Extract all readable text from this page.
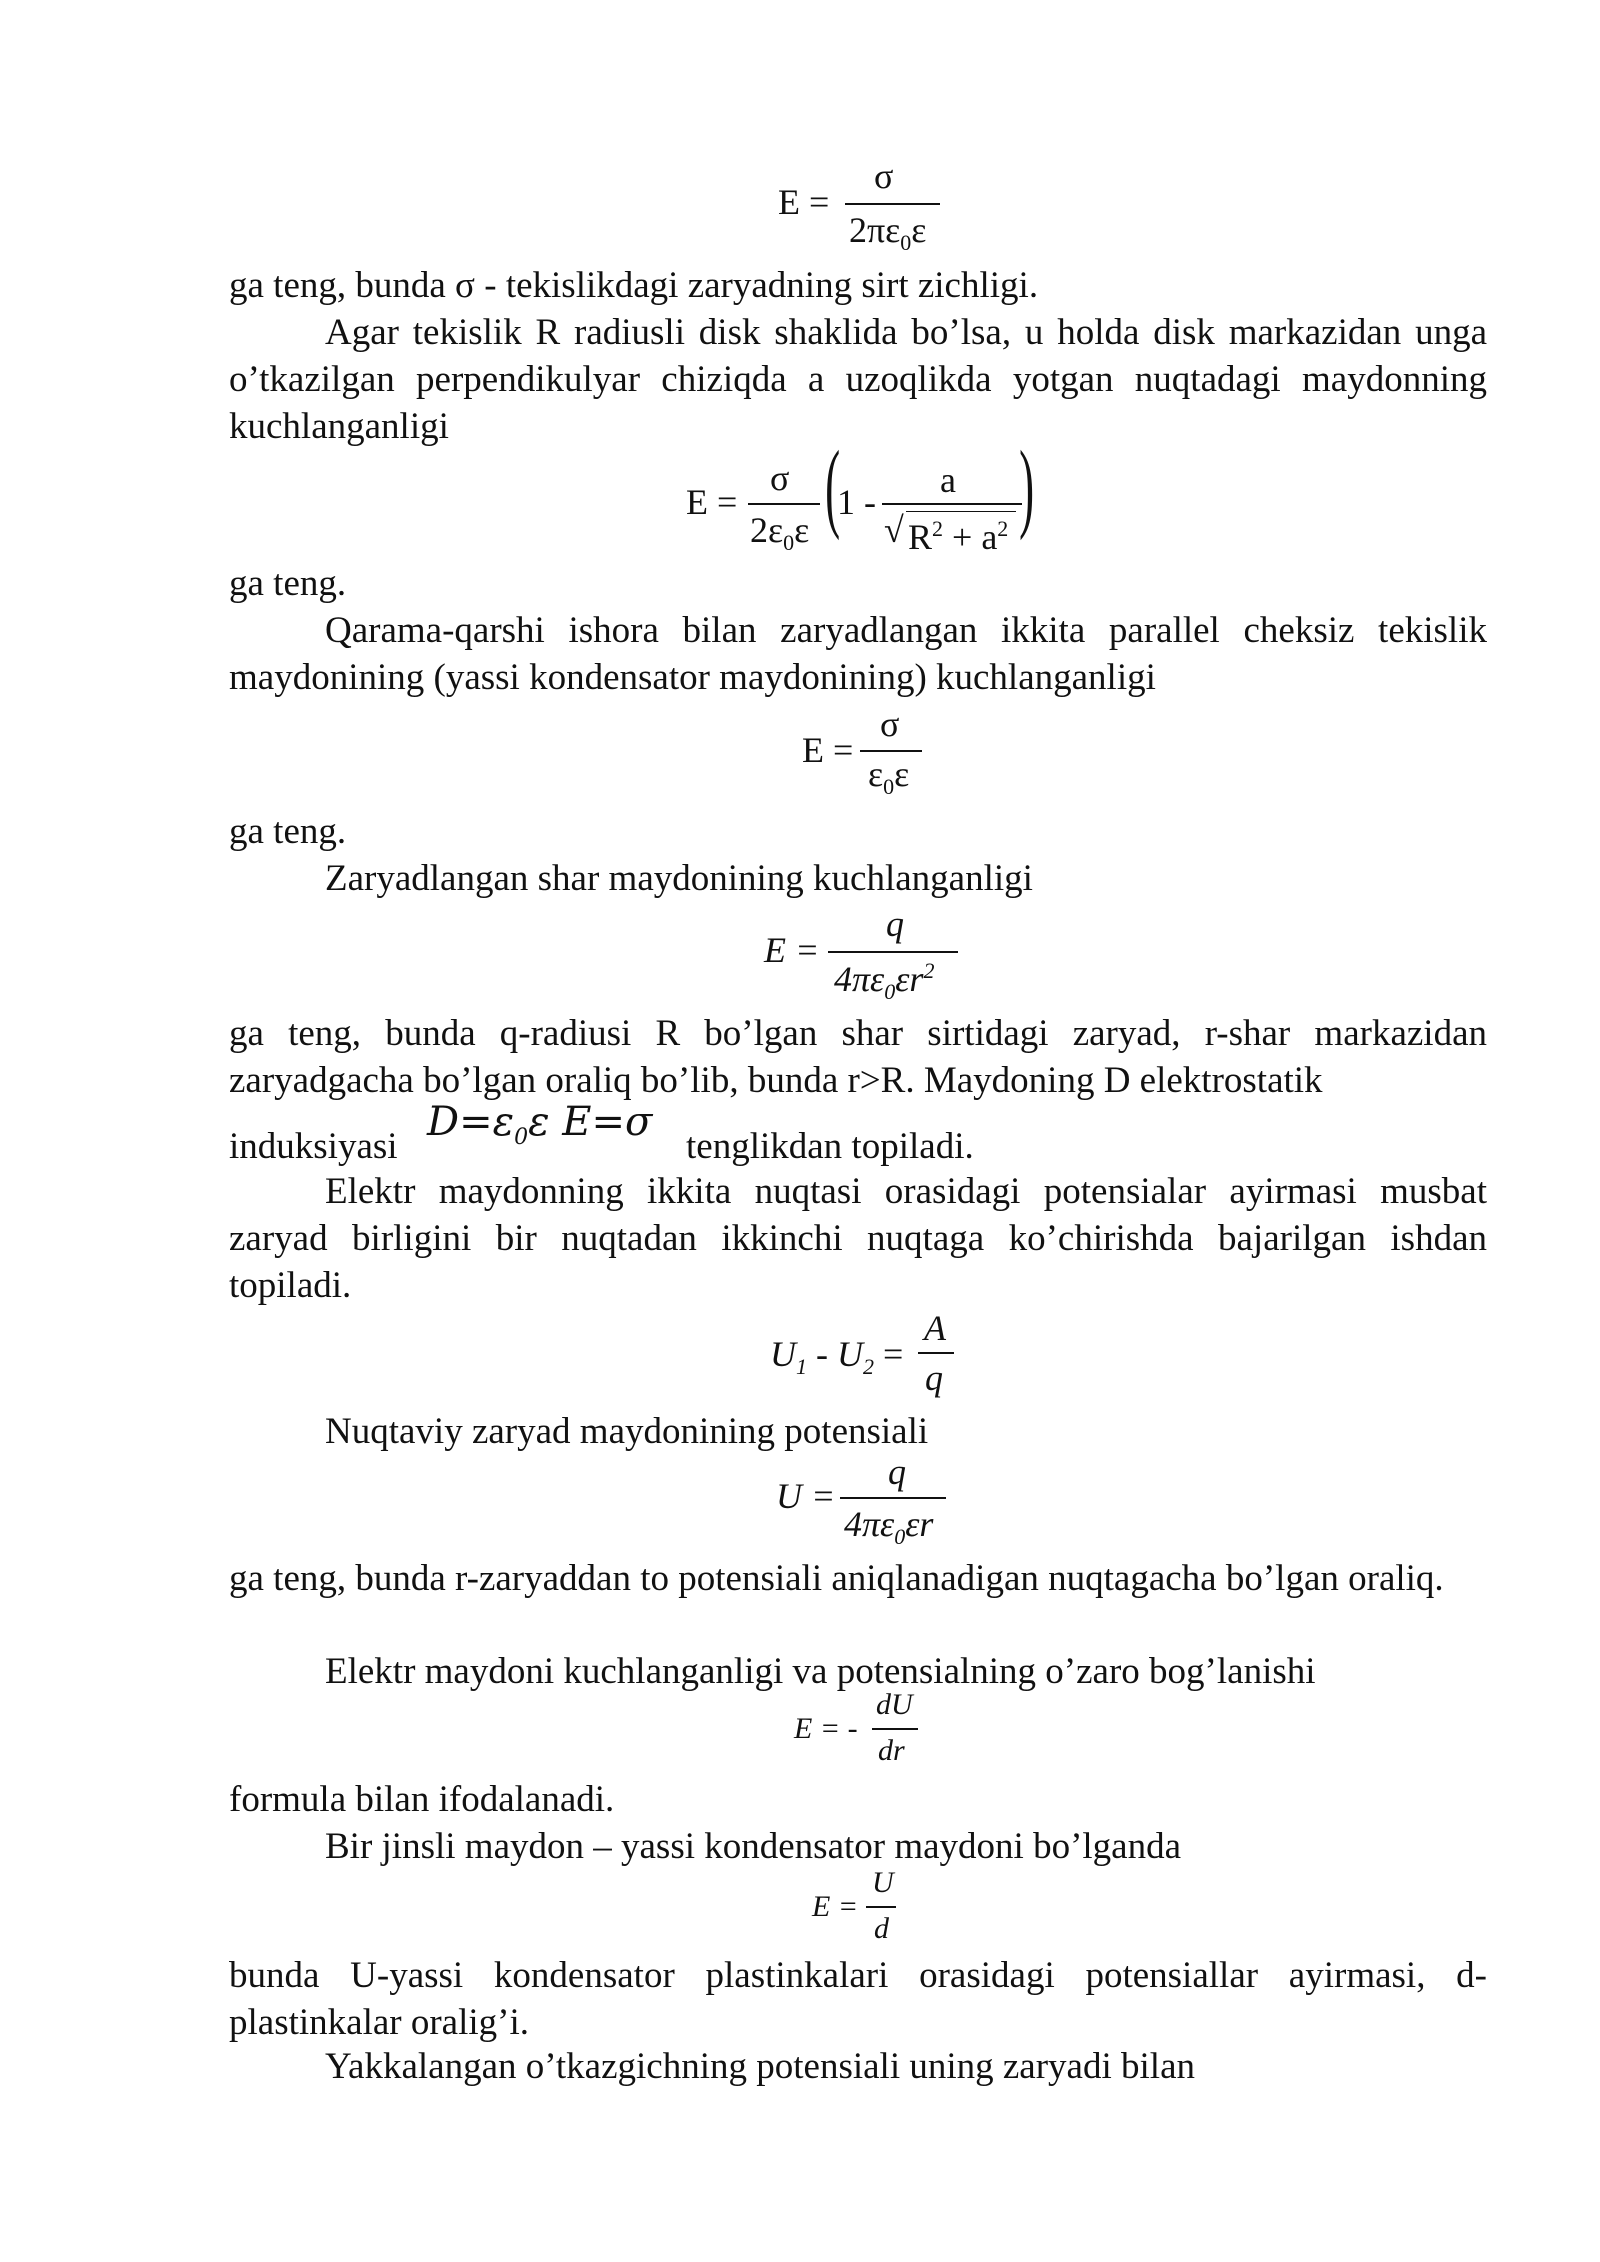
E =
σ
$2\pi\varepsilon_0\varepsilon$

ga teng, bunda σ - tekislikdagi zaryadning sirt zichligi.

Agar tekislik R radiusli disk shaklida bo’lsa, u holda disk markazidan unga o’tkazilgan perpendikulyar chiziqda a uzoqlikda yotgan nuqtadagi maydonning kuchlanganligi

E =
σ
$2\varepsilon_0\varepsilon$ (
1 -
a
√ $R^2 + a^2$ )

ga teng.

Qarama-qarshi ishora bilan zaryadlangan ikkita parallel cheksiz tekislik maydonining (yassi kondensator maydonining) kuchlanganligi

E =
σ
$\varepsilon_0\varepsilon$

ga teng.

Zaryadlangan shar maydonining kuchlanganligi

E =
q
$4\pi\varepsilon_0\varepsilon r^2$

ga teng, bunda q-radiusi R bo’lgan shar sirtidagi zaryad, r-shar markazidan zaryadgacha bo’lgan oraliq bo’lib, bunda r>R. Maydoning D elektrostatik

induksiyasi

$D=\varepsilon_0\varepsilon$ E=σ

tenglikdan topiladi.

Elektr maydonning ikkita nuqtasi orasidagi potensialar ayirmasi musbat zaryad birligini bir nuqtadan ikkinchi nuqtaga ko’chirishda bajarilgan ishdan topiladi.

$U_1 - U_2$ =
A
q

Nuqtaviy zaryad maydonining potensiali

U =
q
$4\pi\varepsilon_0\varepsilon r$

ga teng, bunda r-zaryaddan to potensiali aniqlanadigan nuqtagacha bo’lgan oraliq.

Elektr maydoni kuchlanganligi va potensialning o’zaro bog’lanishi

E = -
dU
dr

formula bilan ifodalanadi.

Bir jinsli maydon – yassi kondensator maydoni bo’lganda

E =
U
d

bunda U-yassi kondensator plastinkalari orasidagi potensiallar ayirmasi, d-plastinkalar oralig’i.

Yakkalangan o’tkazgichning potensiali uning zaryadi bilan
